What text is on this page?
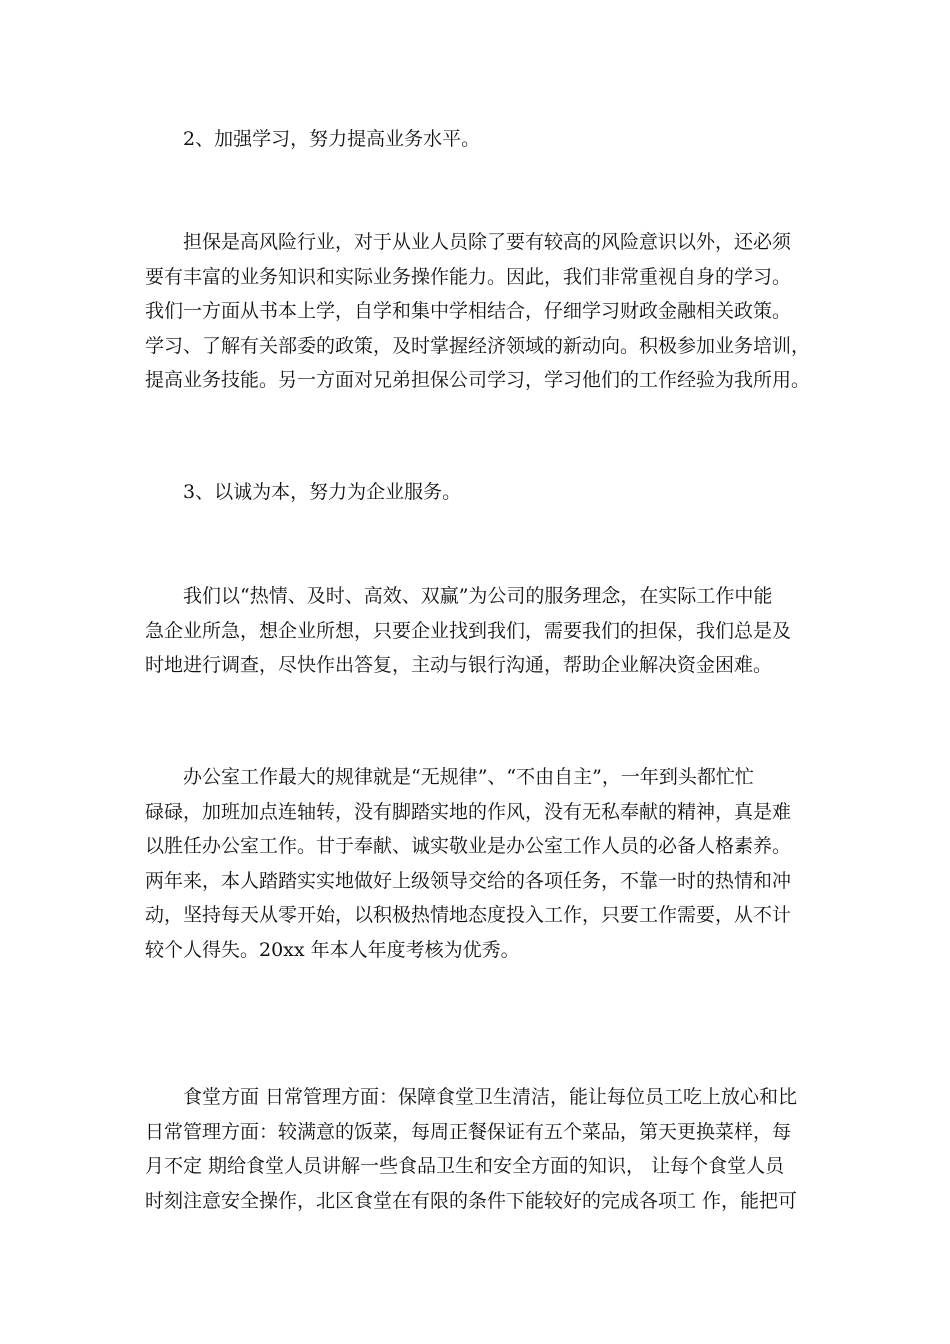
2、加强学习，努力提高业务水平。

担保是高风险行业，对于从业人员除了要有较高的风险意识以外，还必须
要有丰富的业务知识和实际业务操作能力。因此，我们非常重视自身的学习。
我们一方面从书本上学，自学和集中学相结合，仔细学习财政金融相关政策。
学习、了解有关部委的政策，及时掌握经济领域的新动向。积极参加业务培训，
提高业务技能。另一方面对兄弟担保公司学习，学习他们的工作经验为我所用。

3、以诚为本，努力为企业服务。

我们以“热情、及时、高效、双赢”为公司的服务理念，在实际工作中能
急企业所急，想企业所想，只要企业找到我们，需要我们的担保，我们总是及
时地进行调查，尽快作出答复，主动与银行沟通，帮助企业解决资金困难。

办公室工作最大的规律就是“无规律”、“不由自主”，一年到头都忙忙
碌碌，加班加点连轴转，没有脚踏实地的作风，没有无私奉献的精神，真是难
以胜任办公室工作。甘于奉献、诚实敬业是办公室工作人员的必备人格素养。
两年来，本人踏踏实实地做好上级领导交给的各项任务，不靠一时的热情和冲
动，坚持每天从零开始，以积极热情地态度投入工作，只要工作需要，从不计
较个人得失。20xx 年本人年度考核为优秀。

食堂方面 日常管理方面：保障食堂卫生清洁，能让每位员工吃上放心和比
日常管理方面：较满意的饭菜，每周正餐保证有五个菜品，第天更换菜样，每
月不定 期给食堂人员讲解一些食品卫生和安全方面的知识， 让每个食堂人员
时刻注意安全操作，北区食堂在有限的条件下能较好的完成各项工 作，能把可
